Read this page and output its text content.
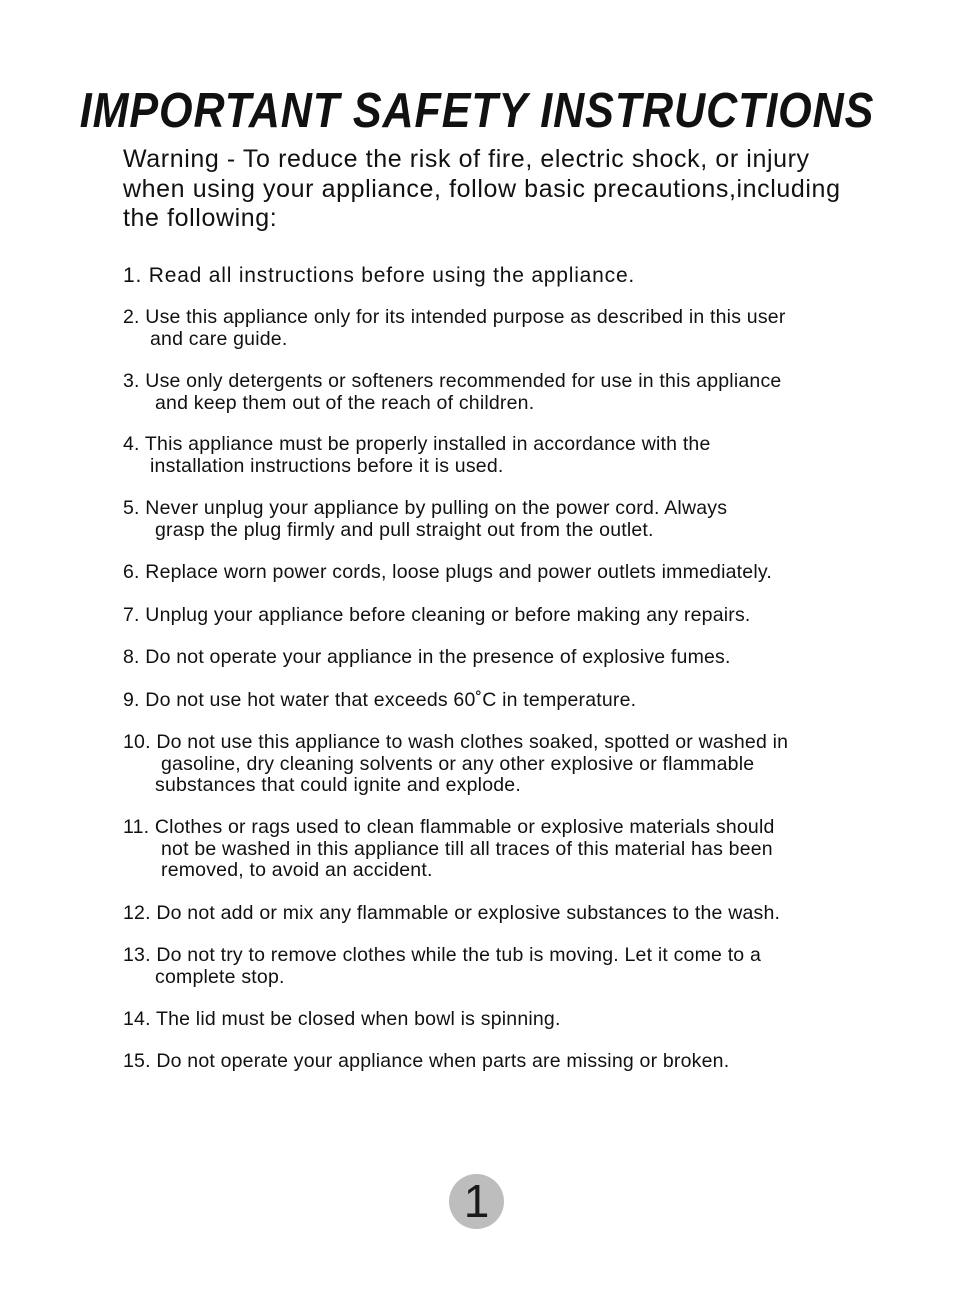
IMPORTANT SAFETY INSTRUCTIONS

Warning - To reduce the risk of fire, electric shock, or injury when using your appliance, follow basic precautions,including the following:

1. Read all instructions before using the appliance.
2. Use this appliance only for its intended purpose as described in this user
and care guide.
3. Use only detergents or softeners recommended for use in this appliance
and keep them out of the reach of children.
4. This appliance must be properly installed in accordance with the
installation instructions before it is used.
5. Never unplug your appliance by pulling on the power cord. Always
grasp the plug firmly and pull straight out from the outlet.
6. Replace worn power cords, loose plugs and power outlets immediately.
7. Unplug your appliance before cleaning or before making any repairs.
8. Do not operate your appliance in the presence of explosive fumes.
9. Do not use hot water that exceeds 60˚C in temperature.
10. Do not use this appliance to wash clothes soaked, spotted or washed in
gasoline, dry cleaning solvents or any other explosive or flammable
substances that could ignite and explode.
11. Clothes or rags used to clean flammable or explosive materials should
not be washed in this appliance till all traces of this material has been
removed, to avoid an accident.
12. Do not add or mix any flammable or explosive substances to the wash.
13. Do not try to remove clothes while the tub is moving. Let it come to a
complete stop.
14. The lid must be closed when bowl is spinning.
15. Do not operate your appliance when parts are missing or broken.
1
